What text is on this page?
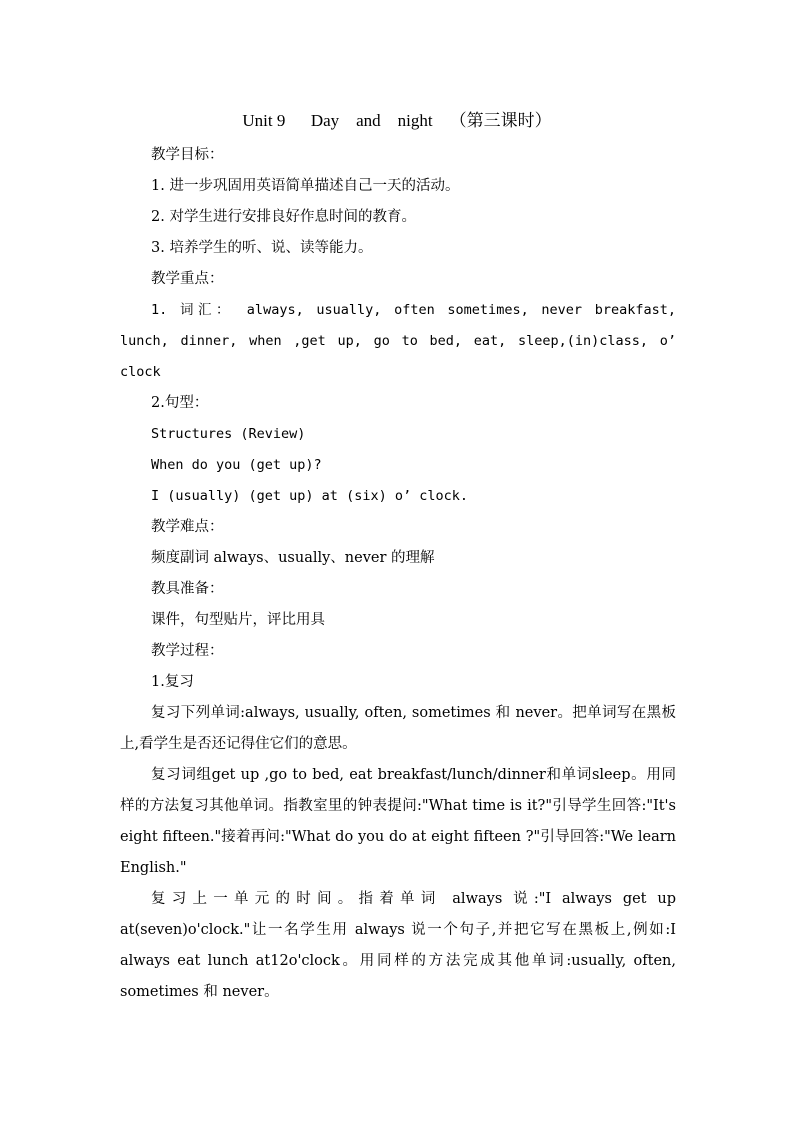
Unit 9      Day    and    night    （第三课时）

教学目标：

1. 进一步巩固用英语简单描述自己一天的活动。

2. 对学生进行安排良好作息时间的教育。

3. 培养学生的听、说、读等能力。

教学重点：

1. 词汇： always, usually, often sometimes, never breakfast, lunch, dinner, when ,get up, go to bed, eat, sleep,(in)class, o’ clock

2.句型：

Structures (Review)

When do you (get up)?

I (usually) (get up) at (six) o’ clock.

教学难点：

频度副词 always、usually、never 的理解

教具准备：

课件，句型贴片，评比用具

教学过程：

1.复习

复习下列单词:always, usually, often, sometimes 和 never。把单词写在黑板上,看学生是否还记得住它们的意思。

复习词组get up ,go to bed, eat breakfast/lunch/dinner和单词sleep。用同样的方法复习其他单词。指教室里的钟表提问:"What time is it?"引导学生回答:"It's eight fifteen."接着再问:"What do you do at eight fifteen ?"引导回答:"We learn English."

复习上一单元的时间。指着单词 always 说:"I always get up at(seven)o'clock."让一名学生用 always 说一个句子,并把它写在黑板上,例如:I always eat lunch at12o'clock。用同样的方法完成其他单词:usually, often, sometimes 和 never。
